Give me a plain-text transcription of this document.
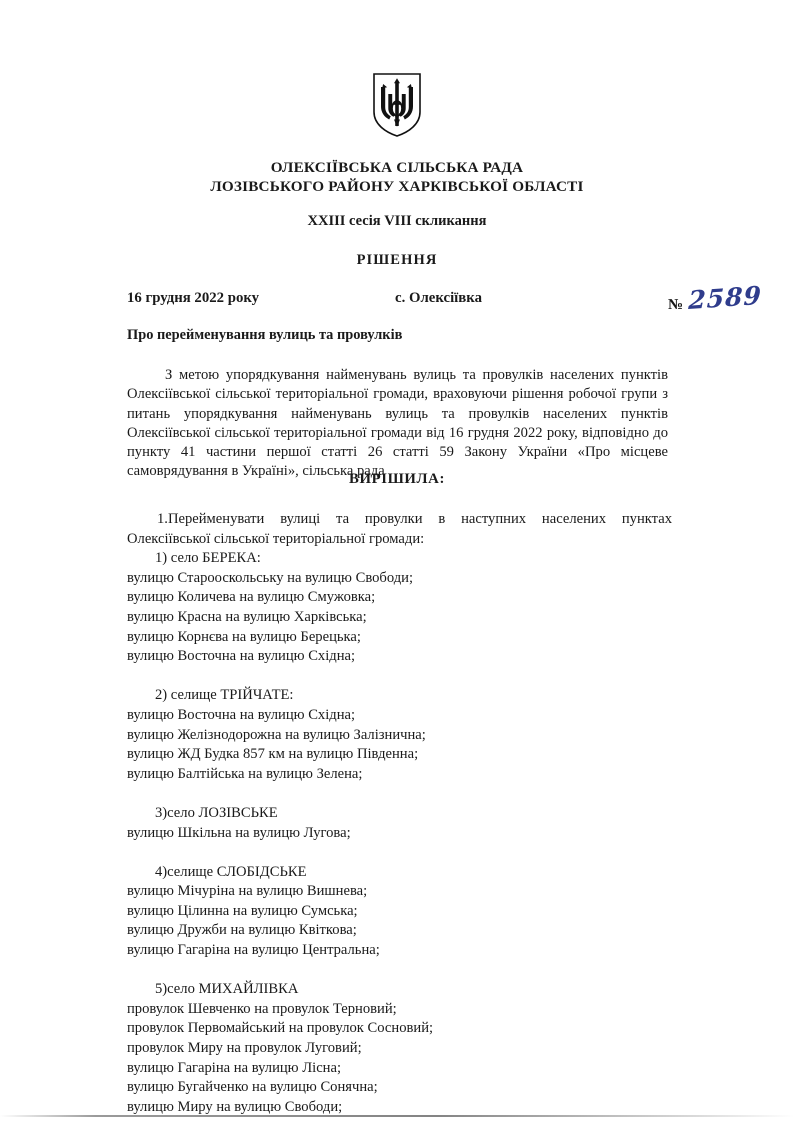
ОЛЕКСІЇВСЬКА СІЛЬСЬКА РАДА
ЛОЗІВСЬКОГО РАЙОНУ ХАРКІВСЬКОЇ ОБЛАСТІ
XXIII сесія VIII скликання
РІШЕННЯ
16 грудня 2022 року	с. Олексіївка	№ 2589
Про перейменування вулиць та провулків
З метою упорядкування найменувань вулиць та провулків населених пунктів Олексіївської сільської територіальної громади, враховуючи рішення робочої групи з питань упорядкування найменувань вулиць та провулків населених пунктів Олексіївської сільської територіальної громади від 16 грудня 2022 року, відповідно до пункту 41 частини першої статті 26 статті 59 Закону України «Про місцеве самоврядування в Україні», сільська рада
ВИРІШИЛА:

1.Перейменувати вулиці та провулки в наступних населених пунктах Олексіївської сільської територіальної громади:

1) село БЕРЕКА:
вулицю Старооскольську на вулицю Свободи;
вулицю Количева на вулицю Смужовка;
вулицю Красна на вулицю Харківська;
вулицю Корнєва на вулицю Берецька;
вулицю Восточна на вулицю Східна;
2) селище ТРІЙЧАТЕ:
вулицю Восточна на вулицю Східна;
вулицю Желізнодорожна на вулицю Залізнична;
вулицю ЖД Будка 857 км на вулицю Південна;
вулицю Балтійська на вулицю Зелена;
3)село ЛОЗІВСЬКЕ
вулицю Шкільна на вулицю Лугова;
4)селище СЛОБІДСЬКЕ
вулицю Мічуріна на вулицю Вишнева;
вулицю Цілинна на вулицю Сумська;
вулицю Дружби на вулицю Квіткова;
вулицю Гагаріна на вулицю Центральна;
5)село МИХАЙЛІВКА
провулок Шевченко на провулок Терновий;
провулок Первомайський на провулок Сосновий;
провулок Миру на провулок Луговий;
вулицю Гагаріна на вулицю Лісна;
вулицю Бугайченко на вулицю Сонячна;
вулицю Миру на вулицю Свободи;
